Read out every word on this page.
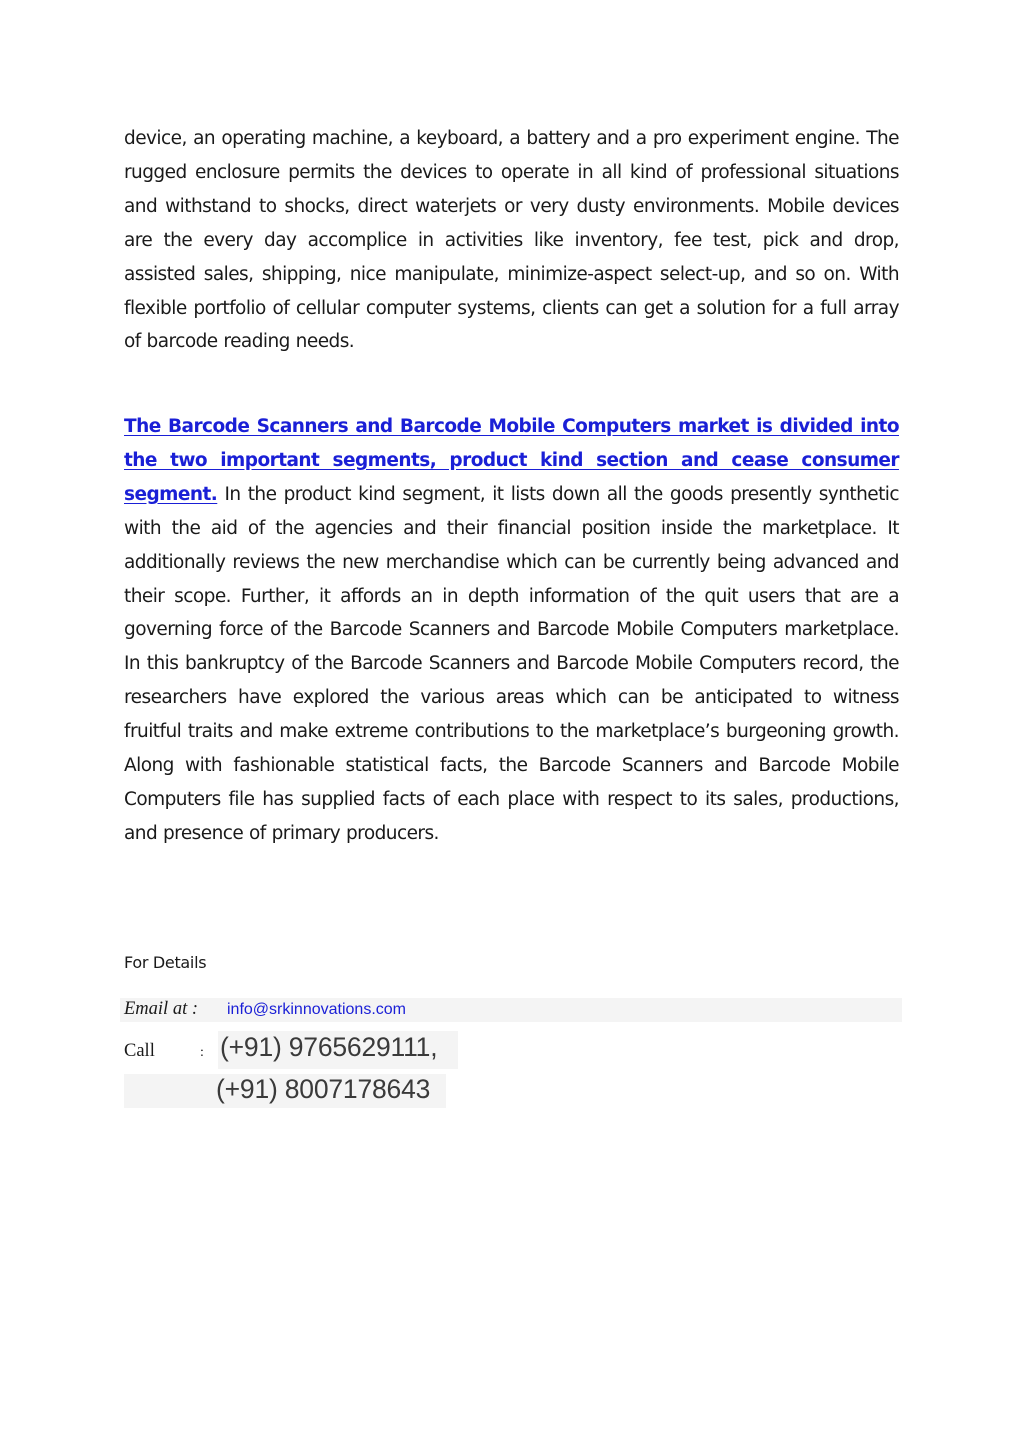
device, an operating machine, a keyboard, a battery and a pro experiment engine. The rugged enclosure permits the devices to operate in all kind of professional situations and withstand to shocks, direct waterjets or very dusty environments. Mobile devices are the every day accomplice in activities like inventory, fee test, pick and drop, assisted sales, shipping, nice manipulate, minimize-aspect select-up, and so on. With flexible portfolio of cellular computer systems, clients can get a solution for a full array of barcode reading needs.

The Barcode Scanners and Barcode Mobile Computers market is divided into the two important segments, product kind section and cease consumer segment. In the product kind segment, it lists down all the goods presently synthetic with the aid of the agencies and their financial position inside the marketplace. It additionally reviews the new merchandise which can be currently being advanced and their scope. Further, it affords an in depth information of the quit users that are a governing force of the Barcode Scanners and Barcode Mobile Computers marketplace. In this bankruptcy of the Barcode Scanners and Barcode Mobile Computers record, the researchers have explored the various areas which can be anticipated to witness fruitful traits and make extreme contributions to the marketplace’s burgeoning growth. Along with fashionable statistical facts, the Barcode Scanners and Barcode Mobile Computers file has supplied facts of each place with respect to its sales, productions, and presence of primary producers.

For Details
Email at : info@srkinnovations.com
Call	: (+91) 9765629111,
(+91) 8007178643
